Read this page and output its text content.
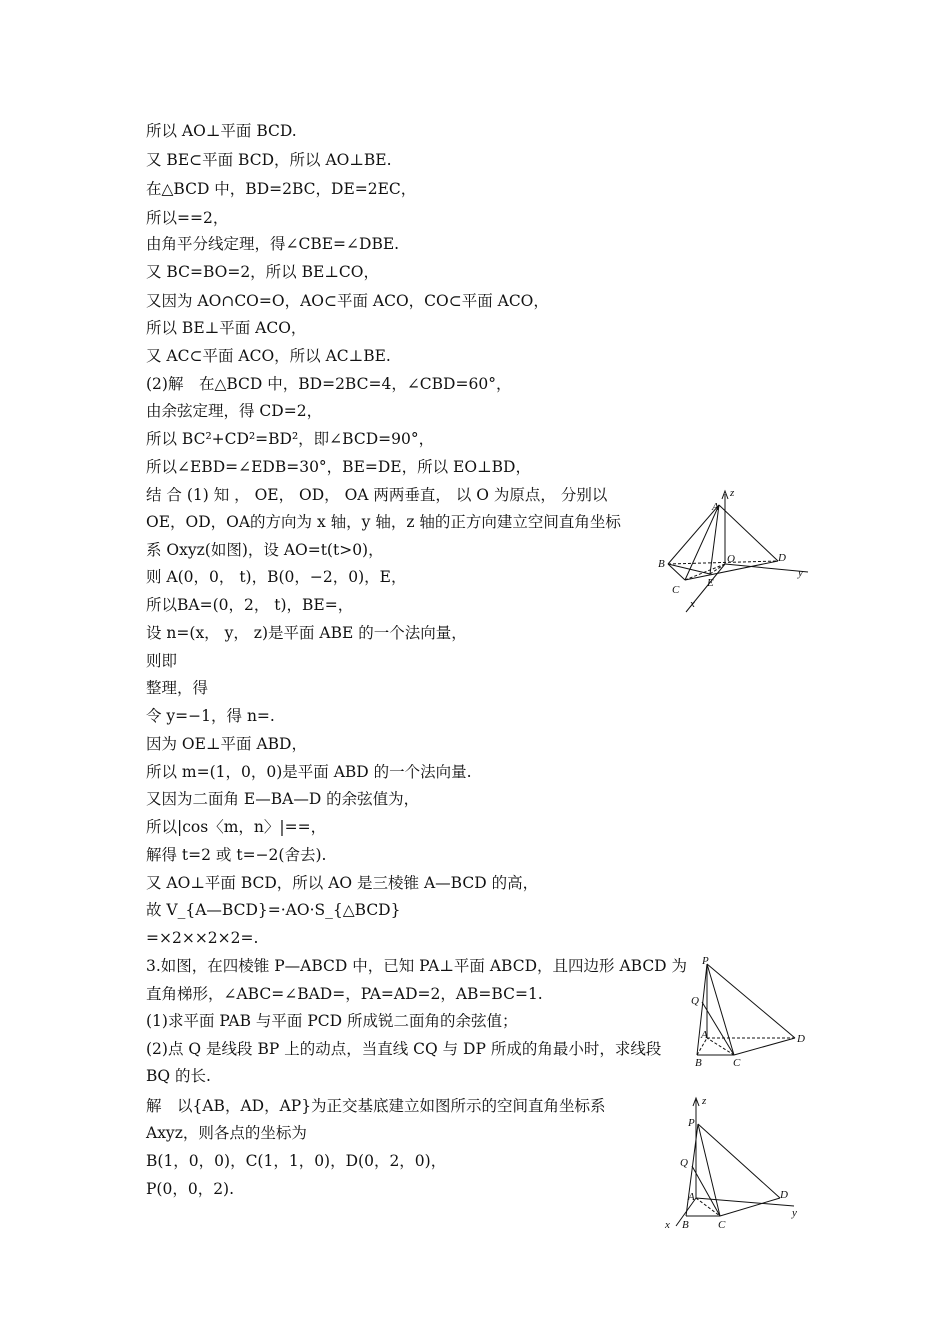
所以 AO⊥平面 BCD.
又 BE⊂平面 BCD，所以 AO⊥BE.
在△BCD 中，BD=2BC，DE=2EC，
所以==2，
由角平分线定理，得∠CBE=∠DBE.
又 BC=BO=2，所以 BE⊥CO，
又因为 AO∩CO=O，AO⊂平面 ACO，CO⊂平面 ACO，
所以 BE⊥平面 ACO，
又 AC⊂平面 ACO，所以 AC⊥BE.
(2)解　在△BCD 中，BD=2BC=4，∠CBD=60°，
由余弦定理，得 CD=2，
所以 BC²+CD²=BD²，即∠BCD=90°，
所以∠EBD=∠EDB=30°，BE=DE，所以 EO⊥BD，
结 合 (1) 知 ， OE， OD， OA 两两垂直， 以 O 为原点， 分别以
OE，OD，OA的方向为 x 轴，y 轴，z 轴的正方向建立空间直角坐标
系 Oxyz(如图)，设 AO=t(t>0)，
则 A(0，0， t)，B(0，−2，0)，E，
所以BA=(0，2， t)，BE=，
设 n=(x， y， z)是平面 ABE 的一个法向量，
则即
整理，得
令 y=−1，得 n=.
因为 OE⊥平面 ABD，
所以 m=(1，0，0)是平面 ABD 的一个法向量.
又因为二面角 E—BA—D 的余弦值为，
所以|cos〈m，n〉|==，
解得 t=2 或 t=−2(舍去).
又 AO⊥平面 BCD，所以 AO 是三棱锥 A—BCD 的高，
故 V_{A—BCD}=·AO·S_{△BCD}
=×2××2×2=.
3.如图，在四棱锥 P—ABCD 中，已知 PA⊥平面 ABCD，且四边形 ABCD 为
直角梯形，∠ABC=∠BAD=，PA=AD=2，AB=BC=1.
(1)求平面 PAB 与平面 PCD 所成锐二面角的余弦值；
(2)点 Q 是线段 BP 上的动点，当直线 CQ 与 DP 所成的角最小时，求线段
BQ 的长.
解　以{AB，AD，AP}为正交基底建立如图所示的空间直角坐标系
Axyz，则各点的坐标为
B(1，0，0)，C(1，1，0)，D(0，2，0)，
P(0，0，2).
z
A
O	D
y
B
E
C
x
P
Q
A	D
B	C
z
P
Q
A	D
y
x B	C
